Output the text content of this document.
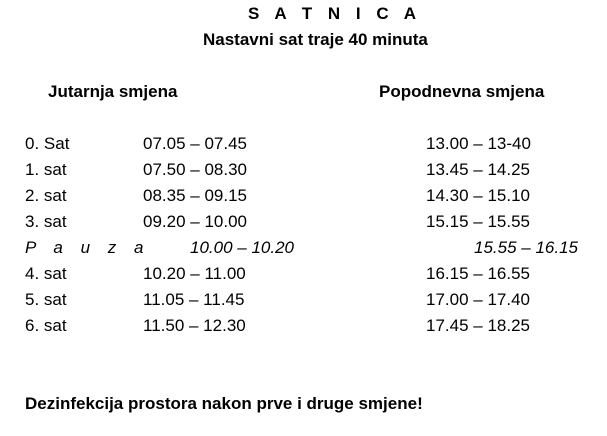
S A T N I C A
Nastavni sat traje 40 minuta
Jutarnja smjena	Popodnevna smjena
0. Sat	07.05 – 07.45	13.00 – 13-40
1. sat	07.50 – 08.30	13.45 – 14.25
2. sat	08.35 – 09.15	14.30 – 15.10
3. sat	09.20 – 10.00	15.15 – 15.55
P a u z a 10.00 – 10.20	15.55 – 16.15
4. sat	10.20 – 11.00	16.15 – 16.55
5. sat	11.05 – 11.45	17.00 – 17.40
6. sat	11.50 – 12.30	17.45 – 18.25
Dezinfekcija prostora nakon prve i druge smjene!
